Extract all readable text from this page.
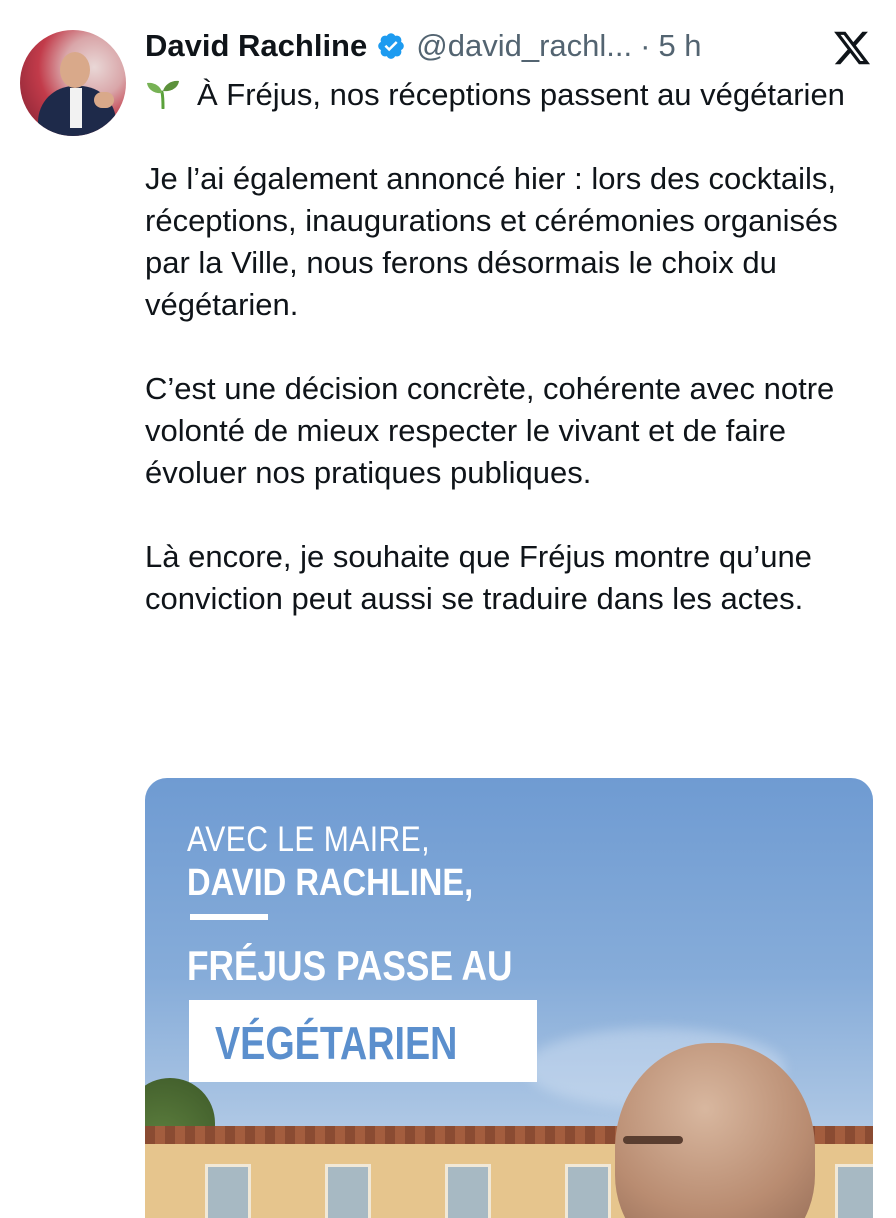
David Rachline @david_rachl... · 5 h

À Fréjus, nos réceptions passent au végétarien

Je l’ai également annoncé hier : lors des cocktails, réceptions, inaugurations et cérémonies organisés par la Ville, nous ferons désormais le choix du végétarien.

C’est une décision concrète, cohérente avec notre volonté de mieux respecter le vivant et de faire évoluer nos pratiques publiques.

Là encore, je souhaite que Fréjus montre qu’une conviction peut aussi se traduire dans les actes.

AVEC LE MAIRE,
DAVID RACHLINE,
FRÉJUS PASSE AU
VÉGÉTARIEN
